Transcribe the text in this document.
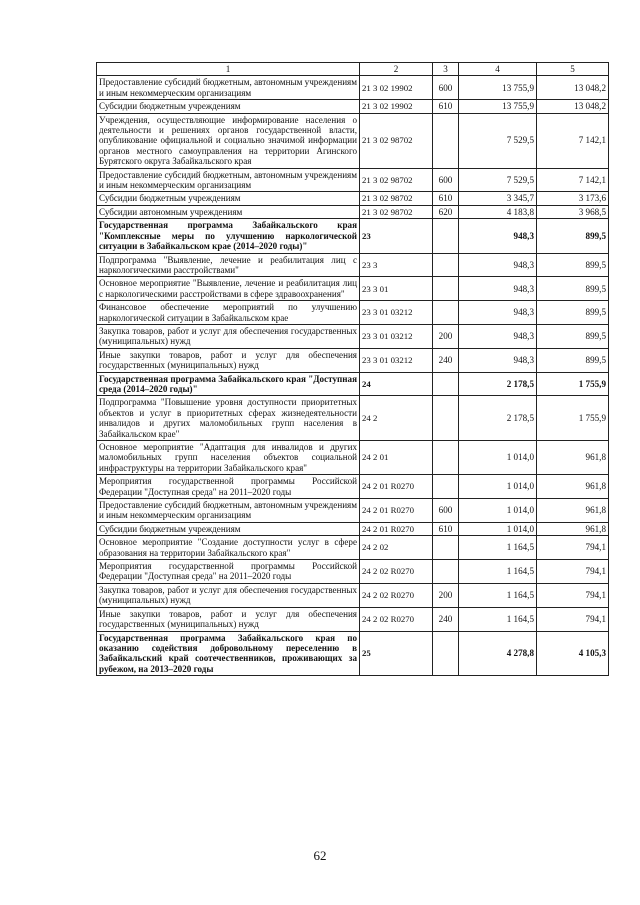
1	2	3	4	5
Предоставление субсидий бюджетным, автономным учреждениям и иным некоммерческим организациям	21 3 02 19902	600	13 755,9	13 048,2
Субсидии бюджетным учреждениям	21 3 02 19902	610	13 755,9	13 048,2
Учреждения, осуществляющие информирование населения о деятельности и решениях органов государственной власти, опубликование официальной и социально значимой информации органов местного самоуправления на территории Агинского Бурятского округа Забайкальского края	21 3 02 98702		7 529,5	7 142,1
Предоставление субсидий бюджетным, автономным учреждениям и иным некоммерческим организациям	21 3 02 98702	600	7 529,5	7 142,1
Субсидии бюджетным учреждениям	21 3 02 98702	610	3 345,7	3 173,6
Субсидии автономным учреждениям	21 3 02 98702	620	4 183,8	3 968,5
Государственная программа Забайкальского края "Комплексные меры по улучшению наркологической ситуации в Забайкальском крае (2014–2020 годы)"	23		948,3	899,5
Подпрограмма "Выявление, лечение и реабилитация лиц с наркологическими расстройствами"	23 3		948,3	899,5
Основное мероприятие "Выявление, лечение и реабилитация лиц с наркологическими расстройствами в сфере здравоохранения"	23 3 01		948,3	899,5
Финансовое обеспечение мероприятий по улучшению наркологической ситуации в Забайкальском крае	23 3 01 03212		948,3	899,5
Закупка товаров, работ и услуг для обеспечения государственных (муниципальных) нужд	23 3 01 03212	200	948,3	899,5
Иные закупки товаров, работ и услуг для обеспечения государственных (муниципальных) нужд	23 3 01 03212	240	948,3	899,5
Государственная программа Забайкальского края "Доступная среда (2014–2020 годы)"	24		2 178,5	1 755,9
Подпрограмма "Повышение уровня доступности приоритетных объектов и услуг в приоритетных сферах жизнедеятельности инвалидов и других маломобильных групп населения в Забайкальском крае"	24 2		2 178,5	1 755,9
Основное мероприятие "Адаптация для инвалидов и других маломобильных групп населения объектов социальной инфраструктуры на территории Забайкальского края"	24 2 01		1 014,0	961,8
Мероприятия государственной программы Российской Федерации "Доступная среда" на 2011–2020 годы	24 2 01 R0270		1 014,0	961,8
Предоставление субсидий бюджетным, автономным учреждениям и иным некоммерческим организациям	24 2 01 R0270	600	1 014,0	961,8
Субсидии бюджетным учреждениям	24 2 01 R0270	610	1 014,0	961,8
Основное мероприятие "Создание доступности услуг в сфере образования на территории Забайкальского края"	24 2 02		1 164,5	794,1
Мероприятия государственной программы Российской Федерации "Доступная среда" на 2011–2020 годы	24 2 02 R0270		1 164,5	794,1
Закупка товаров, работ и услуг для обеспечения государственных (муниципальных) нужд	24 2 02 R0270	200	1 164,5	794,1
Иные закупки товаров, работ и услуг для обеспечения государственных (муниципальных) нужд	24 2 02 R0270	240	1 164,5	794,1
Государственная программа Забайкальского края по оказанию содействия добровольному переселению в Забайкальский край соотечественников, проживающих за рубежом, на 2013–2020 годы	25		4 278,8	4 105,3
62
